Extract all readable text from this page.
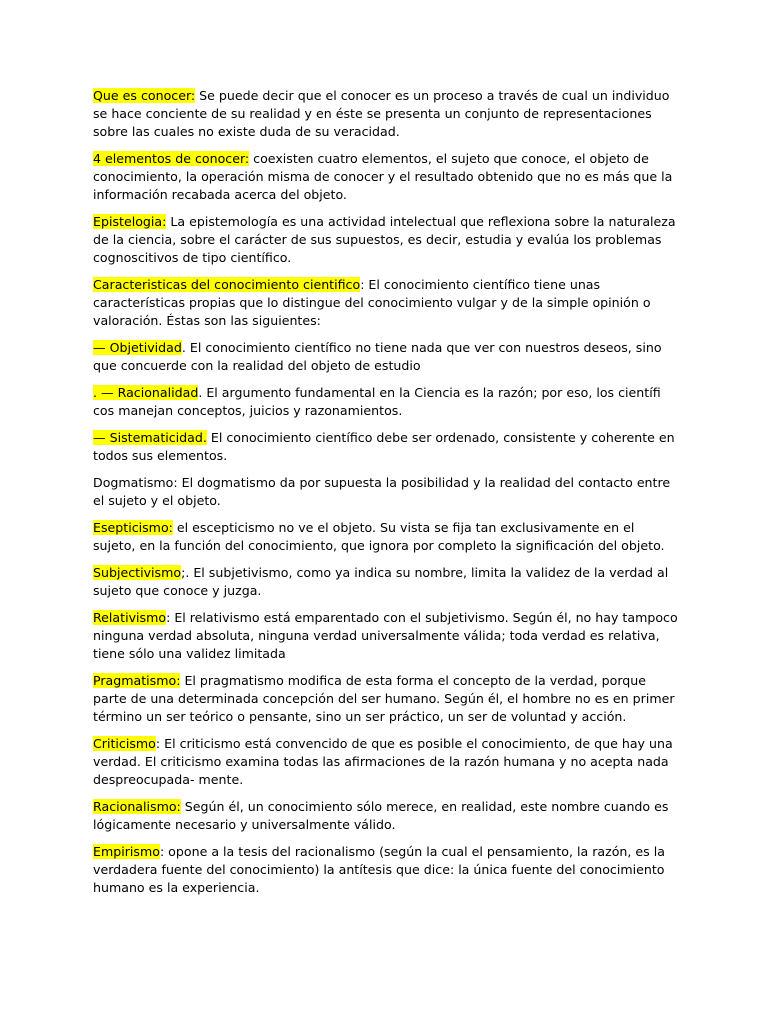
Que es conocer: Se puede decir que el conocer es un proceso a través de cual un individuo se hace conciente de su realidad y en éste se presenta un conjunto de representaciones sobre las cuales no existe duda de su veracidad.

4 elementos de conocer: coexisten cuatro elementos, el sujeto que conoce, el objeto de conocimiento, la operación misma de conocer y el resultado obtenido que no es más que la información recabada acerca del objeto.

Epistelogia: La epistemología es una actividad intelectual que reflexiona sobre la naturaleza de la ciencia, sobre el carácter de sus supuestos, es decir, estudia y evalúa los problemas cognoscitivos de tipo científico.

Caracteristicas del conocimiento cientifico: El conocimiento científico tiene unas características propias que lo distingue del conocimiento vulgar y de la simple opinión o valoración. Éstas son las siguientes:

— Objetividad. El conocimiento científico no tiene nada que ver con nuestros deseos, sino que concuerde con la realidad del objeto de estudio

. — Racionalidad. El argumento fundamental en la Ciencia es la razón; por eso, los científi cos manejan conceptos, juicios y razonamientos.

— Sistematicidad. El conocimiento científico debe ser ordenado, consistente y coherente en todos sus elementos.

Dogmatismo: El dogmatismo da por supuesta la posibilidad y la realidad del contacto entre el sujeto y el objeto.

Esepticismo: el escepticismo no ve el objeto. Su vista se fija tan exclusivamente en el sujeto, en la función del conocimiento, que ignora por completo la significación del objeto.

Subjectivismo;. El subjetivismo, como ya indica su nombre, limita la validez de la verdad al sujeto que conoce y juzga.

Relativismo: El relativismo está emparentado con el subjetivismo. Según él, no hay tampoco ninguna verdad absoluta, ninguna verdad universalmente válida; toda verdad es relativa, tiene sólo una validez limitada

Pragmatismo: El pragmatismo modifica de esta forma el concepto de la verdad, porque parte de una determinada concepción del ser humano. Según él, el hombre no es en primer término un ser teórico o pensante, sino un ser práctico, un ser de voluntad y acción.

Criticismo: El criticismo está convencido de que es posible el conocimiento, de que hay una verdad. El criticismo examina todas las afirmaciones de la razón humana y no acepta nada despreocupada- mente.

Racionalismo: Según él, un conocimiento sólo merece, en realidad, este nombre cuando es lógicamente necesario y universalmente válido.

Empirismo: opone a la tesis del racionalismo (según la cual el pensamiento, la razón, es la verdadera fuente del conocimiento) la antítesis que dice: la única fuente del conocimiento humano es la experiencia.
